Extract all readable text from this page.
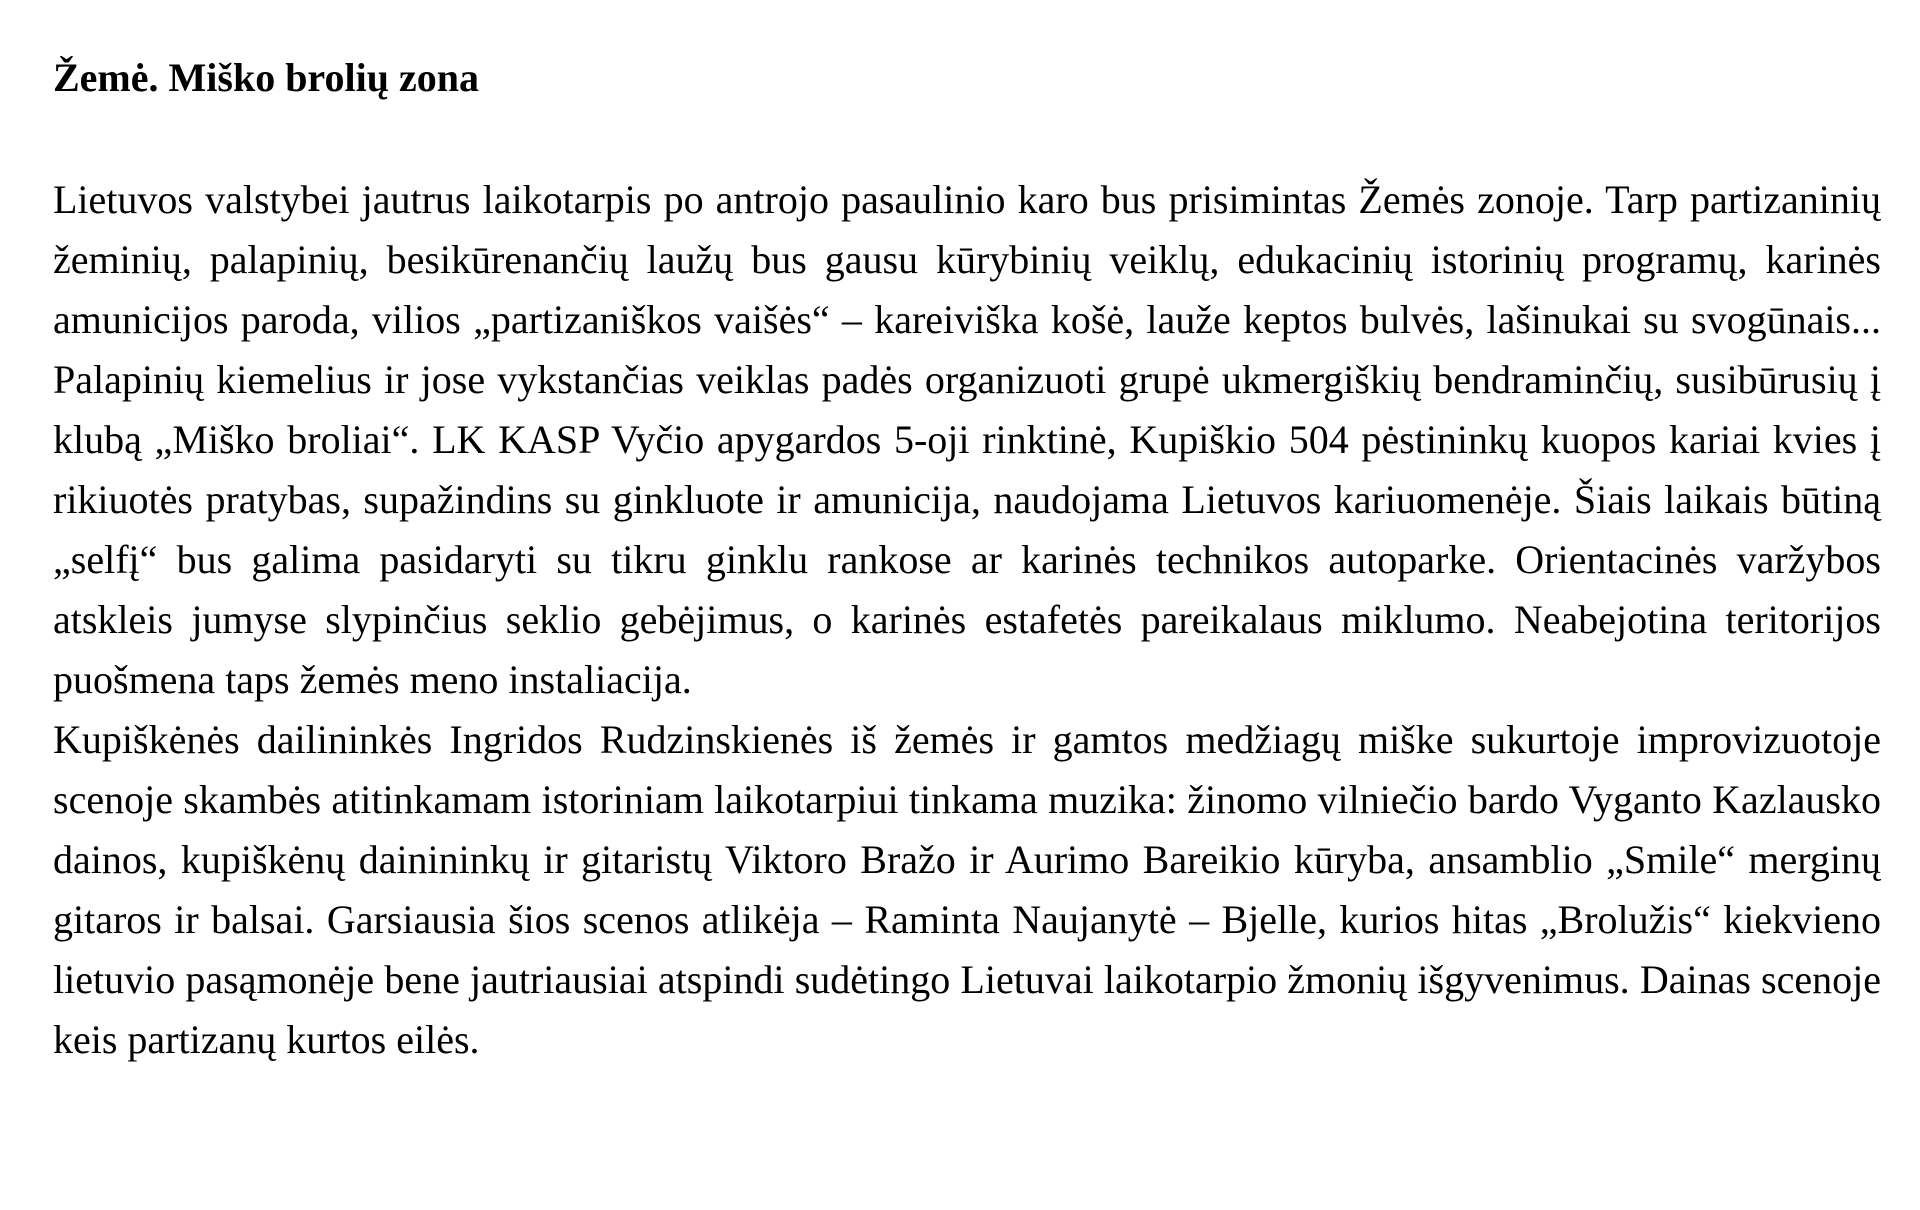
Žemė. Miško brolių zona

Lietuvos valstybei jautrus laikotarpis po antrojo pasaulinio karo bus prisimintas Žemės zonoje. Tarp partizaninių žeminių, palapinių, besikūrenančių laužų bus gausu kūrybinių veiklų, edukacinių istorinių programų, karinės amunicijos paroda, vilios „partizaniškos vaišės“ – kareiviška košė, lauže keptos bulvės, lašinukai su svogūnais... Palapinių kiemelius ir jose vykstančias veiklas padės organizuoti grupė ukmergiškių bendraminčių, susibūrusių į klubą „Miško broliai“. LK KASP Vyčio apygardos 5-oji rinktinė, Kupiškio 504 pėstininkų kuopos kariai kvies į rikiuotės pratybas, supažindins su ginkluote ir amunicija, naudojama Lietuvos kariuomenėje. Šiais laikais būtiną „selfį“ bus galima pasidaryti su tikru ginklu rankose ar karinės technikos autoparke. Orientacinės varžybos atskleis jumyse slypinčius seklio gebėjimus, o karinės estafetės pareikalaus miklumo. Neabejotina teritorijos puošmena taps žemės meno instaliacija.

Kupiškėnės dailininkės Ingridos Rudzinskienės iš žemės ir gamtos medžiagų miške sukurtoje improvizuotoje scenoje skambės atitinkamam istoriniam laikotarpiui tinkama muzika: žinomo vilniečio bardo Vyganto Kazlausko dainos, kupiškėnų dainininkų ir gitaristų Viktoro Bražo ir Aurimo Bareikio kūryba, ansamblio „Smile“ merginų gitaros ir balsai. Garsiausia šios scenos atlikėja – Raminta Naujanytė – Bjelle, kurios hitas „Brolužis“ kiekvieno lietuvio pasąmonėje bene jautriausiai atspindi sudėtingo Lietuvai laikotarpio žmonių išgyvenimus. Dainas scenoje keis partizanų kurtos eilės.
